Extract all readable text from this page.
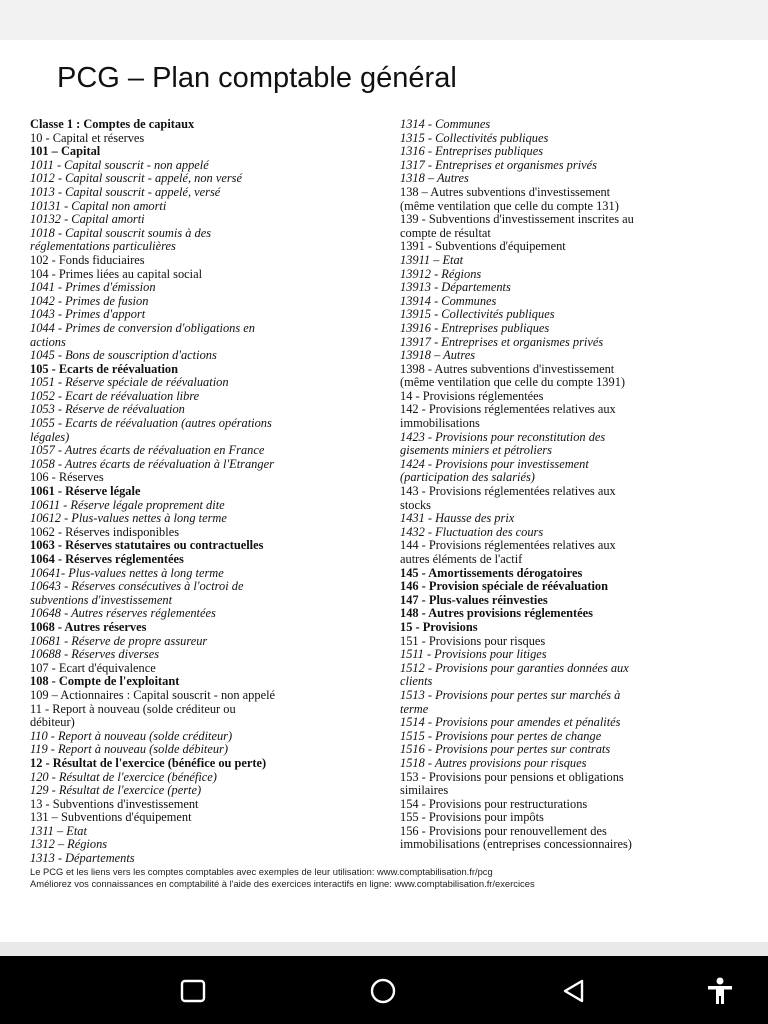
PCG – Plan comptable général
Classe 1 : Comptes de capitaux
10 - Capital et réserves
101 – Capital
1011 - Capital souscrit - non appelé
1012 - Capital souscrit - appelé, non versé
1013 - Capital souscrit - appelé, versé
10131 - Capital non amorti
10132 - Capital amorti
1018 - Capital souscrit soumis à des
réglementations particulières
102 - Fonds fiduciaires
104 - Primes liées au capital social
1041 - Primes d'émission
1042 - Primes de fusion
1043 - Primes d'apport
1044 - Primes de conversion d'obligations en
actions
1045 - Bons de souscription d'actions
105 - Ecarts de réévaluation
1051 - Réserve spéciale de réévaluation
1052 - Ecart de réévaluation libre
1053 - Réserve de réévaluation
1055 - Ecarts de réévaluation (autres opérations
légales)
1057 - Autres écarts de réévaluation en France
1058 - Autres écarts de réévaluation à l'Etranger
106 - Réserves
1061 - Réserve légale
10611 - Réserve légale proprement dite
10612 - Plus-values nettes à long terme
1062 - Réserves indisponibles
1063 - Réserves statutaires ou contractuelles
1064 - Réserves réglementées
10641- Plus-values nettes à long terme
10643 - Réserves consécutives à l'octroi de
subventions d'investissement
10648 - Autres réserves réglementées
1068 - Autres réserves
10681 - Réserve de propre assureur
10688 - Réserves diverses
107 - Ecart d'équivalence
108 - Compte de l'exploitant
109 – Actionnaires : Capital souscrit - non appelé
11 - Report à nouveau (solde créditeur ou
débiteur)
110 - Report à nouveau (solde créditeur)
119 - Report à nouveau (solde débiteur)
12 - Résultat de l'exercice (bénéfice ou perte)
120 - Résultat de l'exercice (bénéfice)
129 - Résultat de l'exercice (perte)
13 - Subventions d'investissement
131 – Subventions d'équipement
1311 – Etat
1312 – Régions
1313 - Départements
1314 - Communes
1315 - Collectivités publiques
1316 - Entreprises publiques
1317 - Entreprises et organismes privés
1318 – Autres
138 – Autres subventions d'investissement
(même ventilation que celle du compte 131)
139 - Subventions d'investissement inscrites au
compte de résultat
1391 - Subventions d'équipement
13911 – Etat
13912 - Régions
13913 - Départements
13914 - Communes
13915 - Collectivités publiques
13916 - Entreprises publiques
13917 - Entreprises et organismes privés
13918 – Autres
1398 - Autres subventions d'investissement
(même ventilation que celle du compte 1391)
14 - Provisions réglementées
142 - Provisions réglementées relatives aux
immobilisations
1423 - Provisions pour reconstitution des
gisements miniers et pétroliers
1424 - Provisions pour investissement
(participation des salariés)
143 - Provisions réglementées relatives aux
stocks
1431 - Hausse des prix
1432 - Fluctuation des cours
144 - Provisions réglementées relatives aux
autres éléments de l'actif
145 - Amortissements dérogatoires
146 - Provision spéciale de réévaluation
147 - Plus-values réinvesties
148 - Autres provisions réglementées
15 - Provisions
151 - Provisions pour risques
1511 - Provisions pour litiges
1512 - Provisions pour garanties données aux
clients
1513 - Provisions pour pertes sur marchés à
terme
1514 - Provisions pour amendes et pénalités
1515 - Provisions pour pertes de change
1516 - Provisions pour pertes sur contrats
1518 - Autres provisions pour risques
153 - Provisions pour pensions et obligations
similaires
154 - Provisions pour restructurations
155 - Provisions pour impôts
156 - Provisions pour renouvellement des
immobilisations (entreprises concessionnaires)
Le PCG et les liens vers les comptes comptables avec exemples de leur utilisation: www.comptabilisation.fr/pcg
Améliorez vos connaissances en comptabilité à l'aide des exercices interactifs en ligne: www.comptabilisation.fr/exercices
